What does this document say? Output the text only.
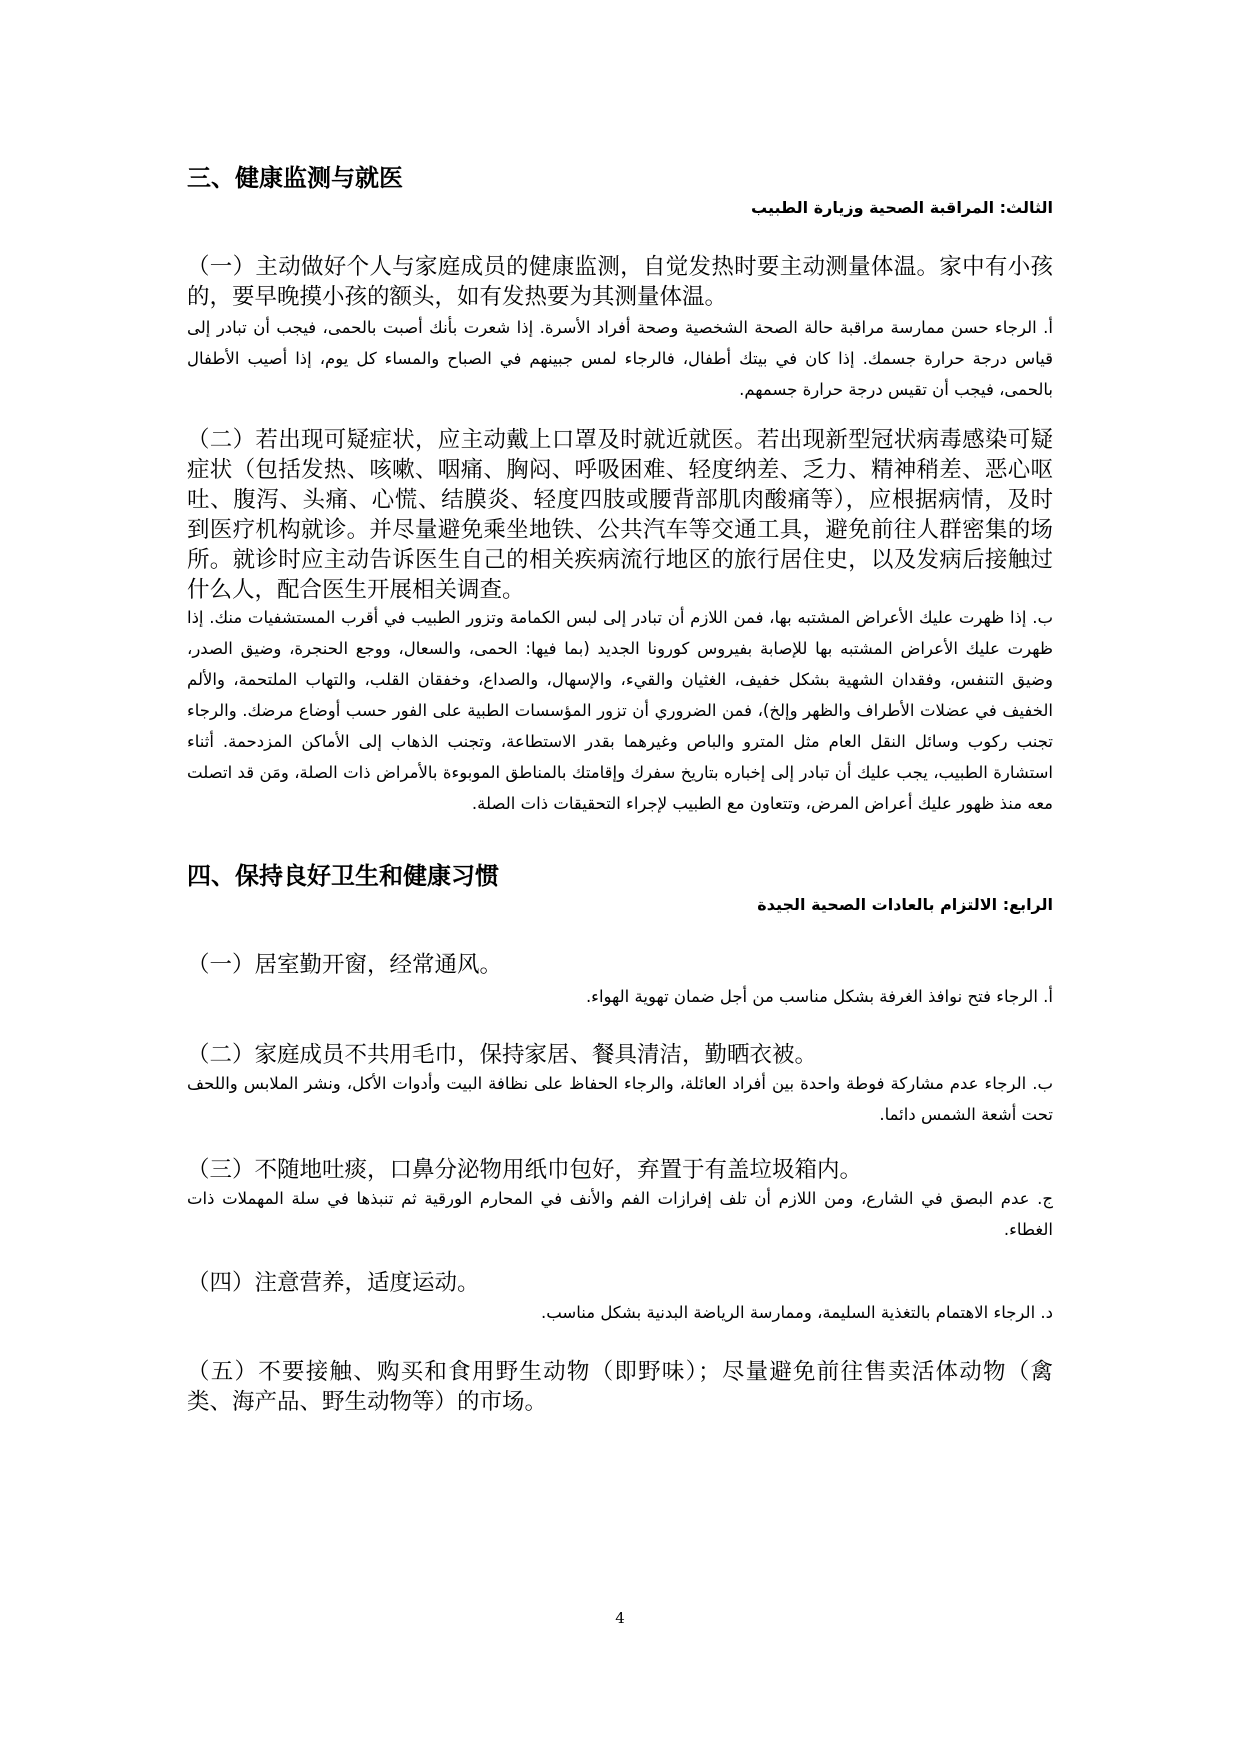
三、健康监测与就医
الثالث: المراقبة الصحية وزيارة الطبيب
（一）主动做好个人与家庭成员的健康监测，自觉发热时要主动测量体温。家中有小孩的，要早晚摸小孩的额头，如有发热要为其测量体温。
أ. الرجاء حسن ممارسة مراقبة حالة الصحة الشخصية وصحة أفراد الأسرة. إذا شعرت بأنك أصبت بالحمى، فيجب أن تبادر إلى قياس درجة حرارة جسمك. إذا كان في بيتك أطفال، فالرجاء لمس جبينهم في الصباح والمساء كل يوم، إذا أصيب الأطفال بالحمى، فيجب أن تقيس درجة حرارة جسمهم.
（二）若出现可疑症状，应主动戴上口罩及时就近就医。若出现新型冠状病毒感染可疑症状（包括发热、咳嗽、咽痛、胸闷、呼吸困难、轻度纳差、乏力、精神稍差、恶心呕吐、腹泻、头痛、心慌、结膜炎、轻度四肢或腰背部肌肉酸痛等），应根据病情，及时到医疗机构就诊。并尽量避免乘坐地铁、公共汽车等交通工具，避免前往人群密集的场所。就诊时应主动告诉医生自己的相关疾病流行地区的旅行居住史，以及发病后接触过什么人，配合医生开展相关调查。
ب. إذا ظهرت عليك الأعراض المشتبه بها، فمن اللازم أن تبادر إلى لبس الكمامة وتزور الطبيب في أقرب المستشفيات منك. إذا ظهرت عليك الأعراض المشتبه بها للإصابة بفيروس كورونا الجديد (بما فيها: الحمى، والسعال، ووجع الحنجرة، وضيق الصدر، وضيق التنفس، وفقدان الشهية بشكل خفيف، الغثيان والقيء، والإسهال، والصداع، وخفقان القلب، والتهاب الملتحمة، والألم الخفيف في عضلات الأطراف والظهر وإلخ)، فمن الضروري أن تزور المؤسسات الطبية على الفور حسب أوضاع مرضك. والرجاء تجنب ركوب وسائل النقل العام مثل المترو والباص وغيرهما بقدر الاستطاعة، وتجنب الذهاب إلى الأماكن المزدحمة. أثناء استشارة الطبيب، يجب عليك أن تبادر إلى إخباره بتاريخ سفرك وإقامتك بالمناطق الموبوءة بالأمراض ذات الصلة، ومَن قد اتصلت معه منذ ظهور عليك أعراض المرض، وتتعاون مع الطبيب لإجراء التحقيقات ذات الصلة.
四、保持良好卫生和健康习惯
الرابع: الالتزام بالعادات الصحية الجيدة
（一）居室勤开窗，经常通风。
أ. الرجاء فتح نوافذ الغرفة بشكل مناسب من أجل ضمان تهوية الهواء.
（二）家庭成员不共用毛巾，保持家居、餐具清洁，勤晒衣被。
ب. الرجاء عدم مشاركة فوطة واحدة بين أفراد العائلة، والرجاء الحفاظ على نظافة البيت وأدوات الأكل، ونشر الملابس واللحف تحت أشعة الشمس دائما.
（三）不随地吐痰，口鼻分泌物用纸巾包好，弃置于有盖垃圾箱内。
ج. عدم البصق في الشارع، ومن اللازم أن تلف إفرازات الفم والأنف في المحارم الورقية ثم تنبذها في سلة المهملات ذات الغطاء.
（四）注意营养，适度运动。
د. الرجاء الاهتمام بالتغذية السليمة، وممارسة الرياضة البدنية بشكل مناسب.
（五）不要接触、购买和食用野生动物（即野味）；尽量避免前往售卖活体动物（禽类、海产品、野生动物等）的市场。
4
